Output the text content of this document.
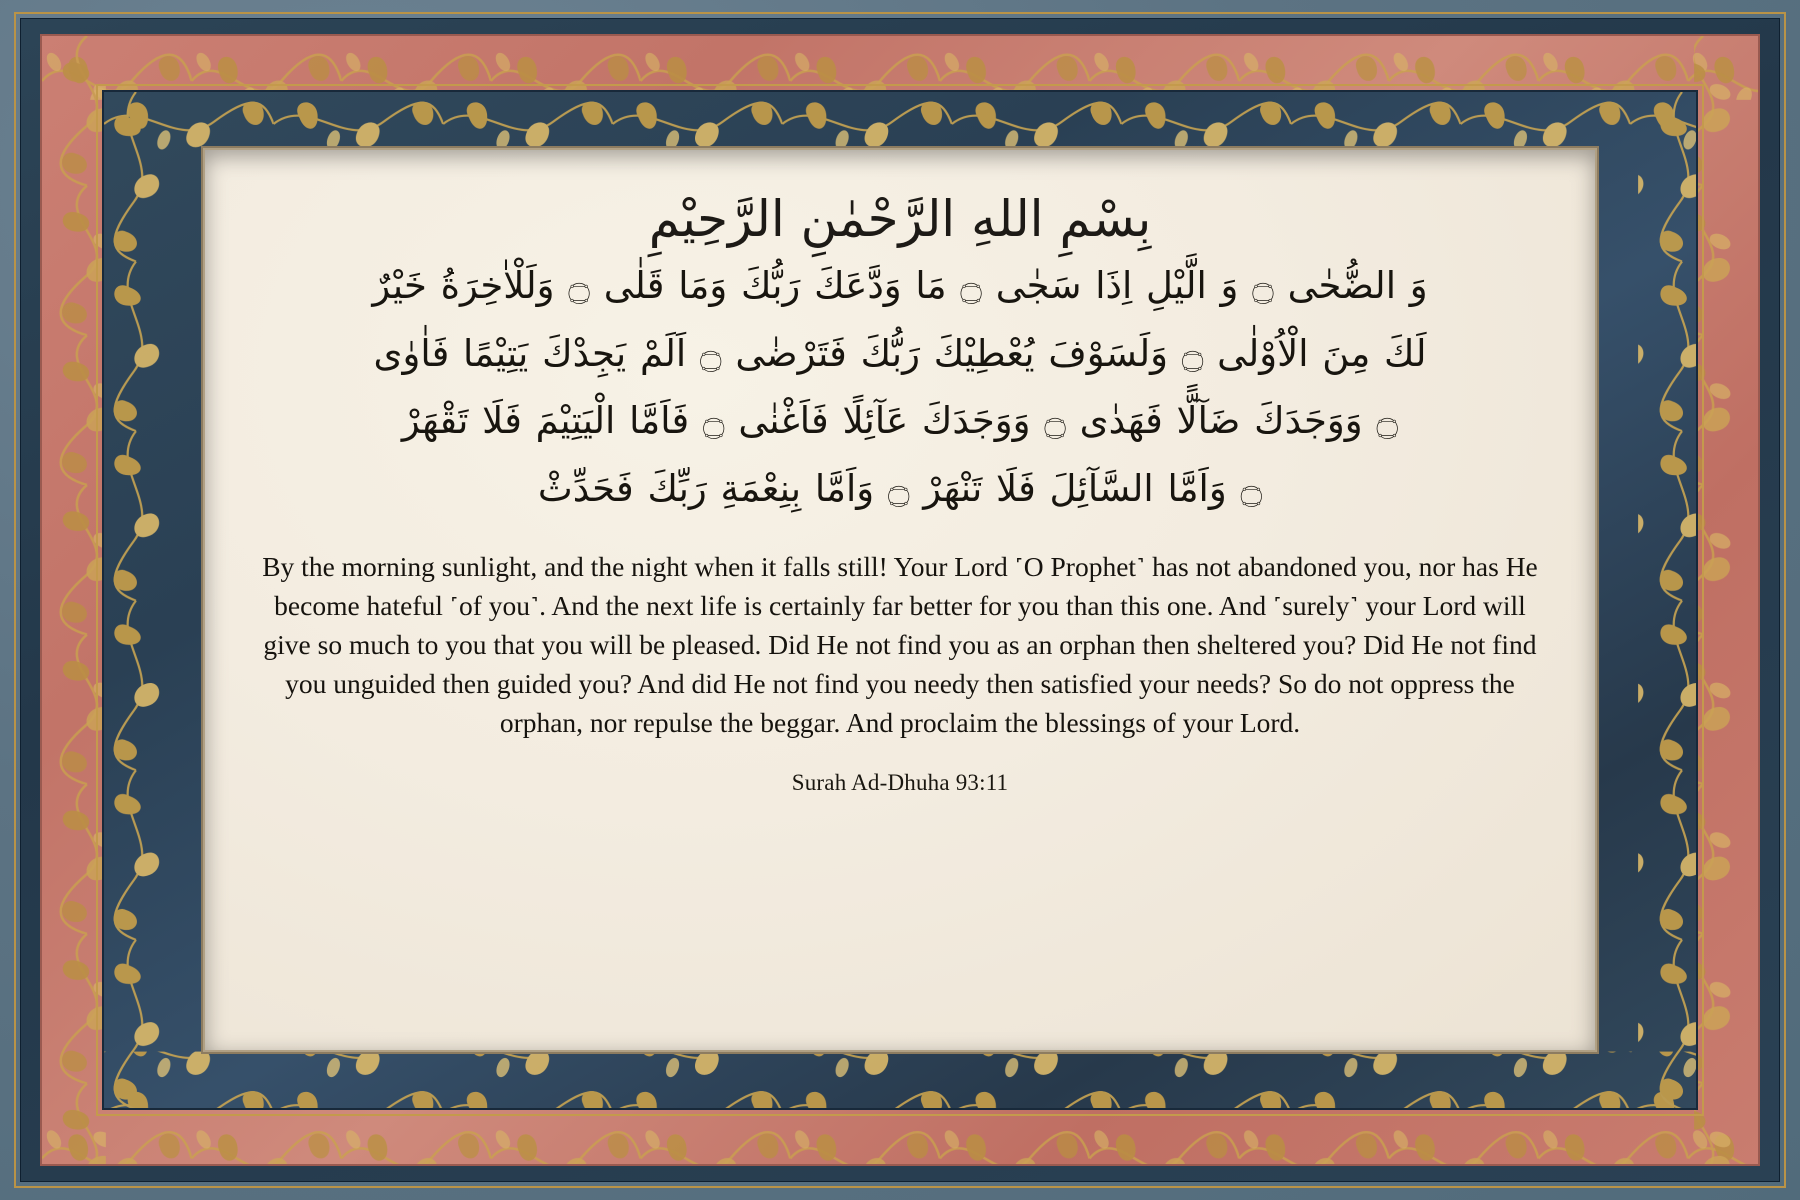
بِسْمِ اللهِ الرَّحْمٰنِ الرَّحِيْمِ
وَ الضُّحٰى ۝ وَ الَّيْلِ اِذَا سَجٰى ۝ مَا وَدَّعَكَ رَبُّكَ وَمَا قَلٰى ۝ وَلَلْاٰخِرَةُ خَيْرٌ
لَكَ مِنَ الْاُوْلٰى ۝ وَلَسَوْفَ يُعْطِيْكَ رَبُّكَ فَتَرْضٰى ۝ اَلَمْ يَجِدْكَ يَتِيْمًا فَاٰوٰى
۝ وَوَجَدَكَ ضَآلًّا فَهَدٰى ۝ وَوَجَدَكَ عَآئِلًا فَاَغْنٰى ۝ فَاَمَّا الْيَتِيْمَ فَلَا تَقْهَرْ
۝ وَاَمَّا السَّآئِلَ فَلَا تَنْهَرْ ۝ وَاَمَّا بِنِعْمَةِ رَبِّكَ فَحَدِّثْ
By the morning sunlight, and the night when it falls still! Your Lord ˹O Prophet˺ has not abandoned you, nor has He become hateful ˹of you˺. And the next life is certainly far better for you than this one. And ˹surely˺ your Lord will give so much to you that you will be pleased. Did He not find you as an orphan then sheltered you? Did He not find you unguided then guided you? And did He not find you needy then satisfied your needs? So do not oppress the orphan, nor repulse the beggar. And proclaim the blessings of your Lord.
Surah Ad-Dhuha 93:11
